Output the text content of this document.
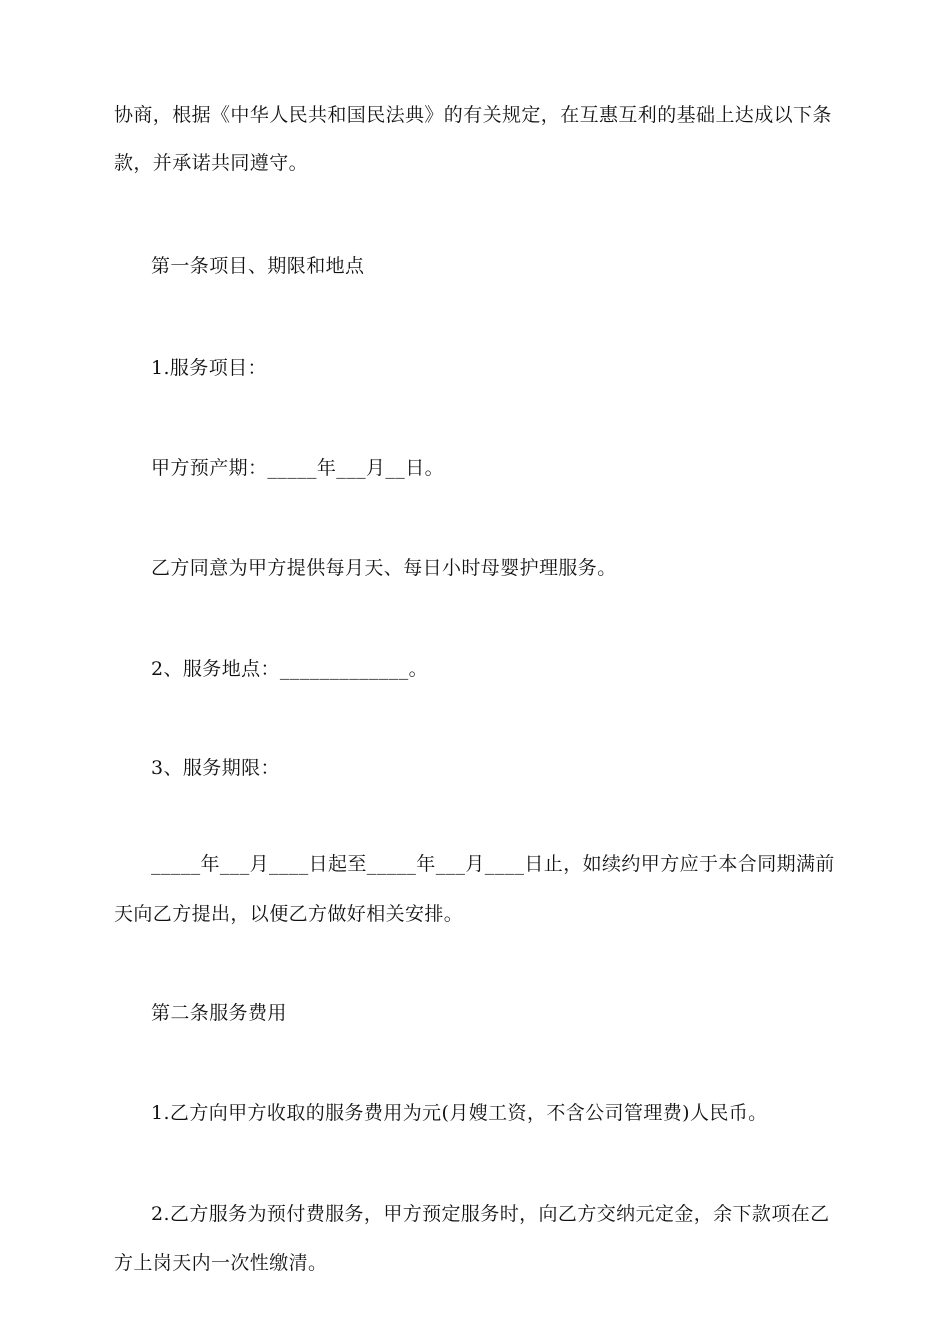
协商，根据《中华人民共和国民法典》的有关规定，在互惠互利的基础上达成以下条
款，并承诺共同遵守。
第一条项目、期限和地点
1.服务项目：
甲方预产期：_____年___月__日。
乙方同意为甲方提供每月天、每日小时母婴护理服务。
2、服务地点：_____________。
3、服务期限：
_____年___月____日起至_____年___月____日止，如续约甲方应于本合同期满前
天向乙方提出，以便乙方做好相关安排。
第二条服务费用
1.乙方向甲方收取的服务费用为元(月嫂工资，不含公司管理费)人民币。
2.乙方服务为预付费服务，甲方预定服务时，向乙方交纳元定金，余下款项在乙
方上岗天内一次性缴清。
